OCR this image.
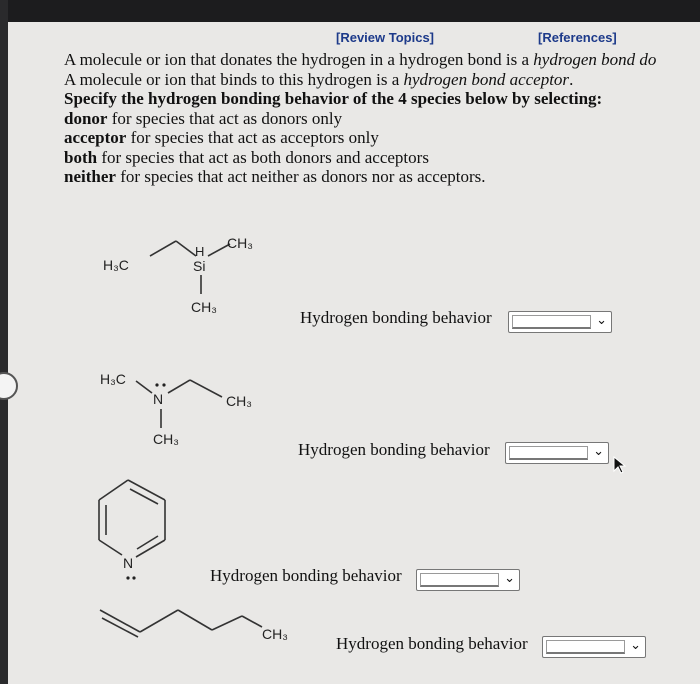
[Review Topics]	[References]

A molecule or ion that donates the hydrogen in a hydrogen bond is a hydrogen bond do

A molecule or ion that binds to this hydrogen is a hydrogen bond acceptor.

Specify the hydrogen bonding behavior of the 4 species below by selecting:

donor for species that act as donors only

acceptor for species that act as acceptors only

both for species that act as both donors and acceptors

neither for species that act neither as donors nor as acceptors.

H₃C
H
Si
CH₃
CH₃
H₃C
N	CH₃
CH₃
N
CH₃
Hydrogen bonding behavior	⌄
Hydrogen bonding behavior	⌄
Hydrogen bonding behavior	⌄
Hydrogen bonding behavior	⌄
